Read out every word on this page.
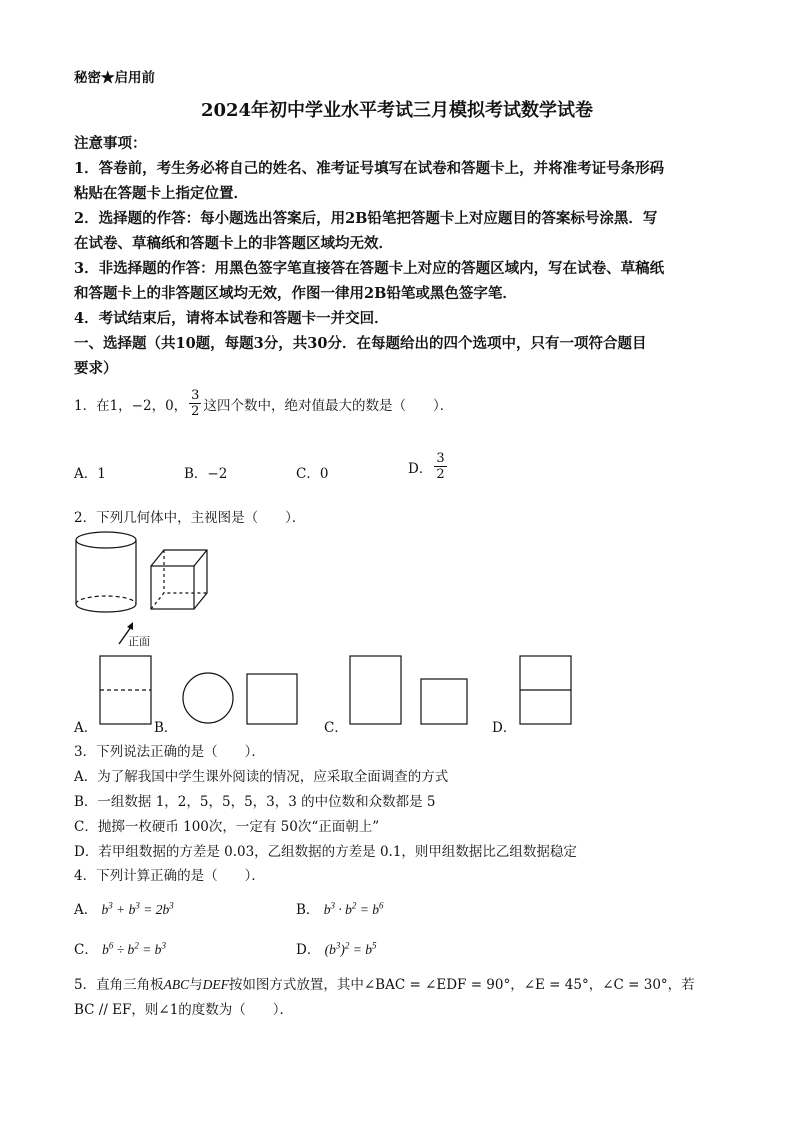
秘密★启用前
2024年初中学业水平考试三月模拟考试数学试卷
注意事项：
1．答卷前，考生务必将自己的姓名、准考证号填写在试卷和答题卡上，并将准考证号条形码
粘贴在答题卡上指定位置．
2．选择题的作答：每小题选出答案后，用2B铅笔把答题卡上对应题目的答案标号涂黑．写
在试卷、草稿纸和答题卡上的非答题区域均无效．
3．非选择题的作答：用黑色签字笔直接答在答题卡上对应的答题区域内，写在试卷、草稿纸
和答题卡上的非答题区域均无效，作图一律用2B铅笔或黑色签字笔．
4．考试结束后，请将本试卷和答题卡一并交回．
一、选择题（共10题，每题3分，共30分．在每题给出的四个选项中，只有一项符合题目
要求）
1．在1，−2，0， $\frac{3}{2}$ 这四个数中，绝对值最大的数是（　　）．
A．1	B．−2	C．0	D． $\frac{3}{2}$
2．下列几何体中，主视图是（　　）．
正面
A．	B．	C．	D．
3．下列说法正确的是（　　）．
A．为了解我国中学生课外阅读的情况，应采取全面调查的方式
B．一组数据 1，2，5，5，5，3，3 的中位数和众数都是 5
C．抛掷一枚硬币 100次，一定有 50次“正面朝上”
D．若甲组数据的方差是 0.03，乙组数据的方差是 0.1，则甲组数据比乙组数据稳定
4．下列计算正确的是（　　）．
A． $b^3 + b^3 = 2b^3$	B． $b^3 \cdot b^2 = b^6$
C． $b^6 \div b^2 = b^3$	D． $(b^3)^2 = b^5$
5．直角三角板ABC与DEF按如图方式放置，其中∠BAC = ∠EDF = 90°，∠E = 45°，∠C = 30°，若
BC // EF，则∠1的度数为（　　）．
